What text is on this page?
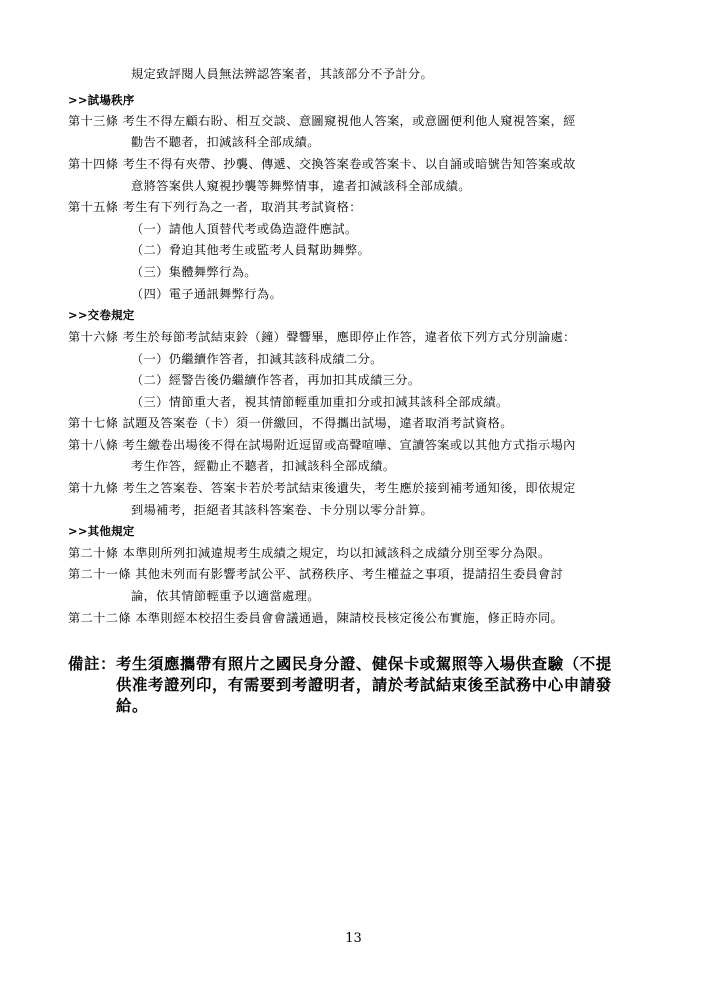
規定致評閱人員無法辨認答案者，其該部分不予計分。
>>試場秩序
第十三條 考生不得左顧右盼、相互交談、意圖窺視他人答案，或意圖便利他人窺視答案，經
勸告不聽者，扣減該科全部成績。
第十四條 考生不得有夾帶、抄襲、傳遞、交換答案卷或答案卡、以自誦或暗號告知答案或故
意將答案供人窺視抄襲等舞弊情事，違者扣減該科全部成績。
第十五條 考生有下列行為之一者，取消其考試資格：
（一）請他人頂替代考或偽造證件應試。
（二）脅迫其他考生或監考人員幫助舞弊。
（三）集體舞弊行為。
（四）電子通訊舞弊行為。
>>交卷規定
第十六條 考生於每節考試結束鈴（鐘）聲響畢，應即停止作答，違者依下列方式分別論處：
（一）仍繼續作答者，扣減其該科成績二分。
（二）經警告後仍繼續作答者，再加扣其成績三分。
（三）情節重大者，視其情節輕重加重扣分或扣減其該科全部成績。
第十七條 試題及答案卷（卡）須一併繳回，不得攜出試場，違者取消考試資格。
第十八條 考生繳卷出場後不得在試場附近逗留或高聲喧嘩、宣讀答案或以其他方式指示場內
考生作答，經勸止不聽者，扣減該科全部成績。
第十九條 考生之答案卷、答案卡若於考試結束後遺失，考生應於接到補考通知後，即依規定
到場補考，拒絕者其該科答案卷、卡分別以零分計算。
>>其他規定
第二十條 本準則所列扣減違規考生成績之規定，均以扣減該科之成績分別至零分為限。
第二十一條 其他未列而有影響考試公平、試務秩序、考生權益之事項，提請招生委員會討
論，依其情節輕重予以適當處理。
第二十二條 本準則經本校招生委員會會議通過，陳請校長核定後公布實施，修正時亦同。
備註：考生須應攜帶有照片之國民身分證、健保卡或駕照等入場供查驗（不提
供准考證列印，有需要到考證明者，請於考試結束後至試務中心申請發
給。
13
